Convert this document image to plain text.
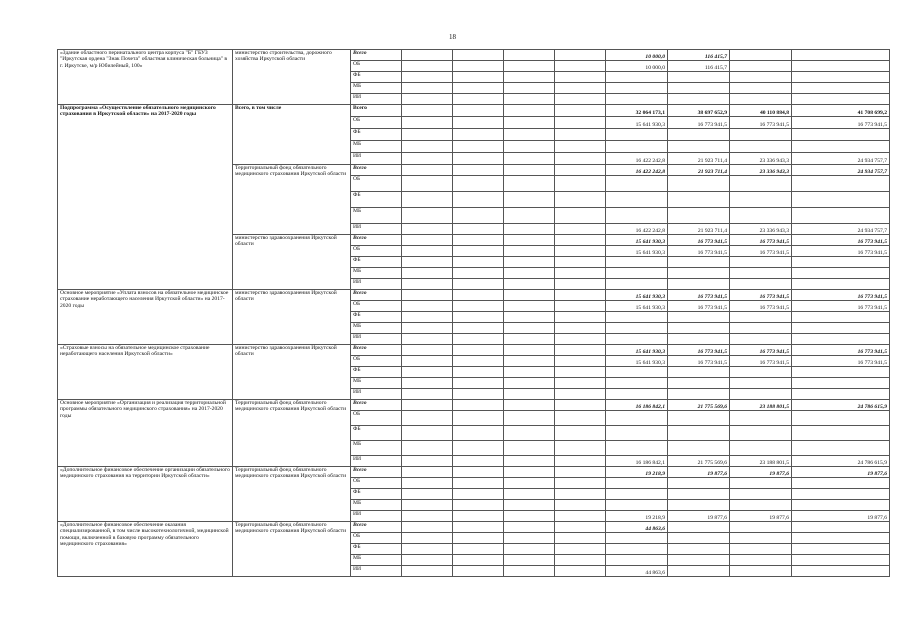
18
«Здание областного перинатального центра корпуса "Б" ГБУЗ "Иркутская ордена "Знак Почета" областная клиническая больница" в г. Иркутске, м/р Юбилейный, 100»	министерство строительства, дорожного хозяйства Иркутской области	Всего					10 000,0	116 415,7		
		ОБ					10 000,0	116 415,7		
		ФБ								
		МБ								
		ИИ								
Подпрограмма «Осуществление обязательного медицинского страхования в Иркутской области» на 2017-2020 годы	Всего, в том числе	Всего					32 064 173,1	38 697 652,9	40 110 884,8	41 708 699,2
		ОБ					15 641 930,3	16 773 941,5	16 773 941,5	16 773 941,5
		ФБ								
		МБ								
		ИИ					16 422 242,8	21 923 711,4	23 336 943,3	24 934 757,7
	Территориальный фонд обязательного медицинского страхования Иркутской области	Всего					16 422 242,8	21 923 711,4	23 336 943,3	24 934 757,7
		ОБ								
		ФБ								
		МБ								
		ИИ					16 422 242,8	21 923 711,4	23 336 943,3	24 934 757,7
	министерство здравоохранения Иркутской области	Всего					15 641 930,3	16 773 941,5	16 773 941,5	16 773 941,5
		ОБ					15 641 930,3	16 773 941,5	16 773 941,5	16 773 941,5
		ФБ								
		МБ								
		ИИ								
Основное мероприятие «Уплата взносов на обязательное медицинское страхование неработающего населения Иркутской области» на 2017-2020 годы	министерство здравоохранения Иркутской области	Всего					15 641 930,3	16 773 941,5	16 773 941,5	16 773 941,5
		ОБ					15 641 930,3	16 773 941,5	16 773 941,5	16 773 941,5
		ФБ								
		МБ								
		ИИ								
«Страховые взносы на обязательное медицинское страхование неработающего населения Иркутской области»	министерство здравоохранения Иркутской области	Всего					15 641 930,3	16 773 941,5	16 773 941,5	16 773 941,5
		ОБ					15 641 930,3	16 773 941,5	16 773 941,5	16 773 941,5
		ФБ								
		МБ								
		ИИ								
Основное мероприятие «Организация и реализация территориальной программы обязательного медицинского страхования» на 2017-2020 годы	Территориальный фонд обязательного медицинского страхования Иркутской области	Всего					16 186 842,1	21 775 569,6	23 188 801,5	24 786 615,9
		ОБ								
		ФБ								
		МБ								
		ИИ					16 186 842,1	21 775 569,6	23 188 801,5	24 786 615,9
«Дополнительное финансовое обеспечение организации обязательного медицинского страхования на территории Иркутской области»	Территориальный фонд обязательного медицинского страхования Иркутской области	Всего					19 218,9	19 877,6	19 877,6	19 877,6
		ОБ								
		ФБ								
		МБ								
		ИИ					19 218,9	19 877,6	19 877,6	19 877,6
«Дополнительное финансовое обеспечение оказания специализированной, в том числе высокотехнологичной, медицинской помощи, включенной в базовую программу обязательного медицинского страхования»	Территориальный фонд обязательного медицинского страхования Иркутской области	Всего					44 863,6			
		ОБ								
		ФБ								
		МБ								
		ИИ					44 863,6			
